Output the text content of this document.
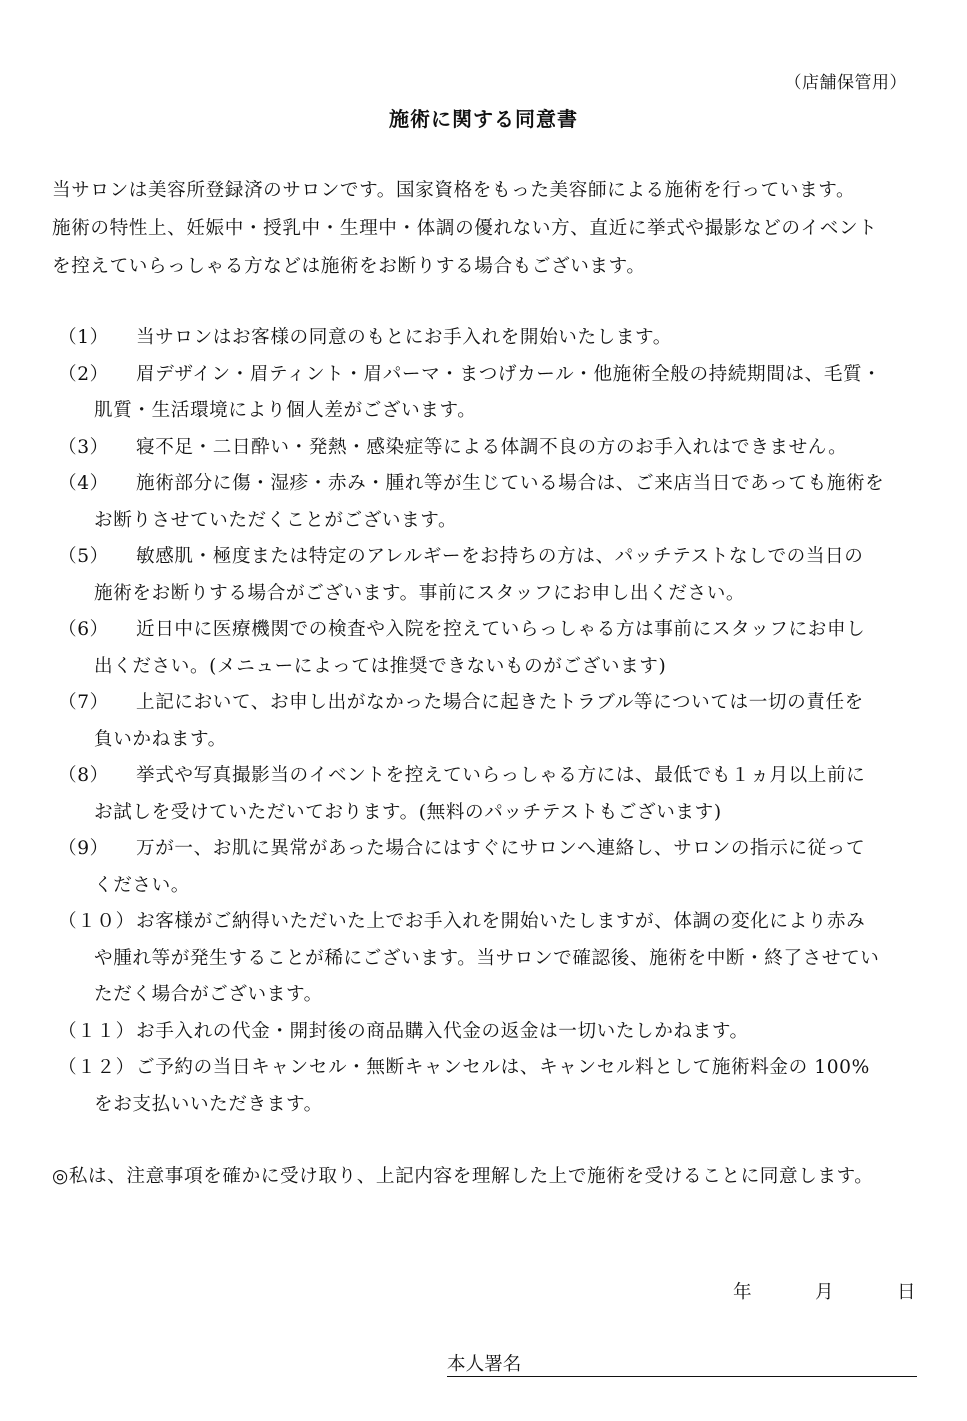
（店舗保管用）
施術に関する同意書

当サロンは美容所登録済のサロンです。国家資格をもった美容師による施術を行っています。

施術の特性上、妊娠中・授乳中・生理中・体調の優れない方、直近に挙式や撮影などのイベント

を控えていらっしゃる方などは施術をお断りする場合もございます。

（1）	当サロンはお客様の同意のもとにお手入れを開始いたします。
（2）	眉デザイン・眉ティント・眉パーマ・まつげカール・他施術全般の持続期間は、毛質・
肌質・生活環境により個人差がございます。
（3）	寝不足・二日酔い・発熱・感染症等による体調不良の方のお手入れはできません。
（4）	施術部分に傷・湿疹・赤み・腫れ等が生じている場合は、ご来店当日であっても施術を
お断りさせていただくことがございます。
（5）	敏感肌・極度または特定のアレルギーをお持ちの方は、パッチテストなしでの当日の
施術をお断りする場合がございます。事前にスタッフにお申し出ください。
（6）	近日中に医療機関での検査や入院を控えていらっしゃる方は事前にスタッフにお申し
出ください。(メニューによっては推奨できないものがございます)
（7）	上記において、お申し出がなかった場合に起きたトラブル等については一切の責任を
負いかねます。
（8）	挙式や写真撮影当のイベントを控えていらっしゃる方には、最低でも１ヵ月以上前に
お試しを受けていただいております。(無料のパッチテストもございます)
（9）	万が一、お肌に異常があった場合にはすぐにサロンへ連絡し、サロンの指示に従って
ください。
（１０） お客様がご納得いただいた上でお手入れを開始いたしますが、体調の変化により赤み
や腫れ等が発生することが稀にございます。当サロンで確認後、施術を中断・終了させてい
ただく場合がございます。
（１１） お手入れの代金・開封後の商品購入代金の返金は一切いたしかねます。
（１２） ご予約の当日キャンセル・無断キャンセルは、キャンセル料として施術料金の 100%
をお支払いいただきます。
◎私は、注意事項を確かに受け取り、上記内容を理解した上で施術を受けることに同意します。
年	月	日
本人署名
